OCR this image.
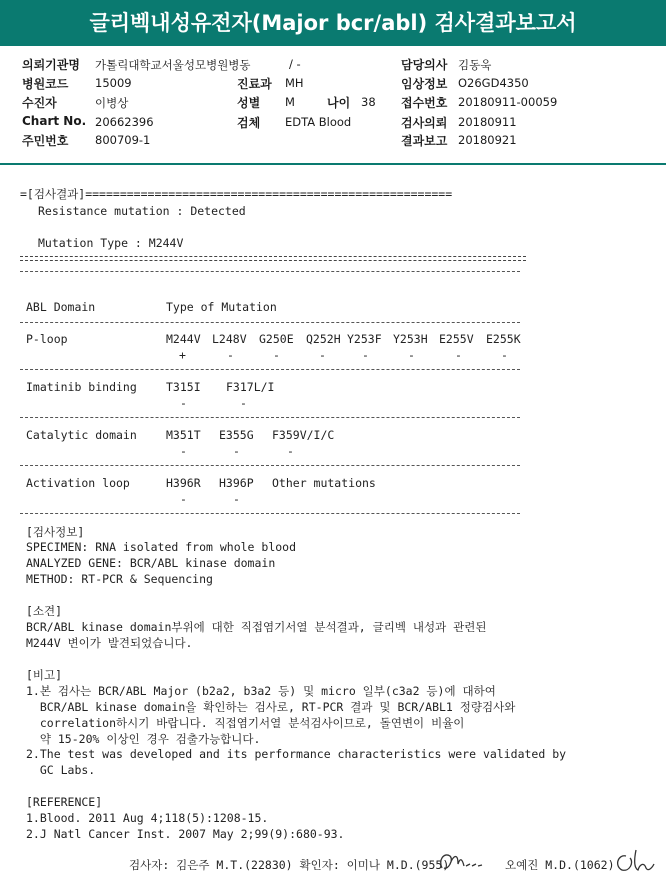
글리벡내성유전자(Major bcr/abl) 검사결과보고서
의뢰기관명 가톨릭대학교서울성모병원병동	/ -
병원코드 15009
수진자	이병상
Chart No. 20662396
주민번호 800709-1
진료과 MH
성별 M	나이 38
검체 EDTA Blood
담당의사 김동욱
임상정보 O26GD4350
접수번호 20180911-00059
검사의뢰 20180911
결과보고 20180921
=[검사결과]=====================================================
Resistance mutation : Detected
Mutation Type : M244V
ABL Domain	Type of Mutation
P-loop	M244V L248V G250E Q252H Y253F Y253H E255V E255K
+	-	-	-	-	-	-	-
Imatinib binding	T315I F317L/I
-	-
Catalytic domain	M351T E355G F359V/I/C
-	-	-
Activation loop	H396R H396P Other mutations
-	-
[검사정보]
SPECIMEN: RNA isolated from whole blood
ANALYZED GENE: BCR/ABL kinase domain
METHOD: RT-PCR & Sequencing
[소견]
BCR/ABL kinase domain부위에 대한 직접염기서열 분석결과, 글리벡 내성과 관련된
M244V 변이가 발견되었습니다.
[비고]
1.본 검사는 BCR/ABL Major (b2a2, b3a2 등) 및 micro 일부(c3a2 등)에 대하여
BCR/ABL kinase domain을 확인하는 검사로, RT-PCR 결과 및 BCR/ABL1 정량검사와
correlation하시기 바랍니다. 직접염기서열 분석검사이므로, 돌연변이 비율이
약 15-20% 이상인 경우 검출가능합니다.
2.The test was developed and its performance characteristics were validated by
GC Labs.
[REFERENCE]
1.Blood. 2011 Aug 4;118(5):1208-15.
2.J Natl Cancer Inst. 2007 May 2;99(9):680-93.
검사자: 김은주 M.T.(22830) 확인자: 이미나 M.D.(955)	오예진 M.D.(1062)
